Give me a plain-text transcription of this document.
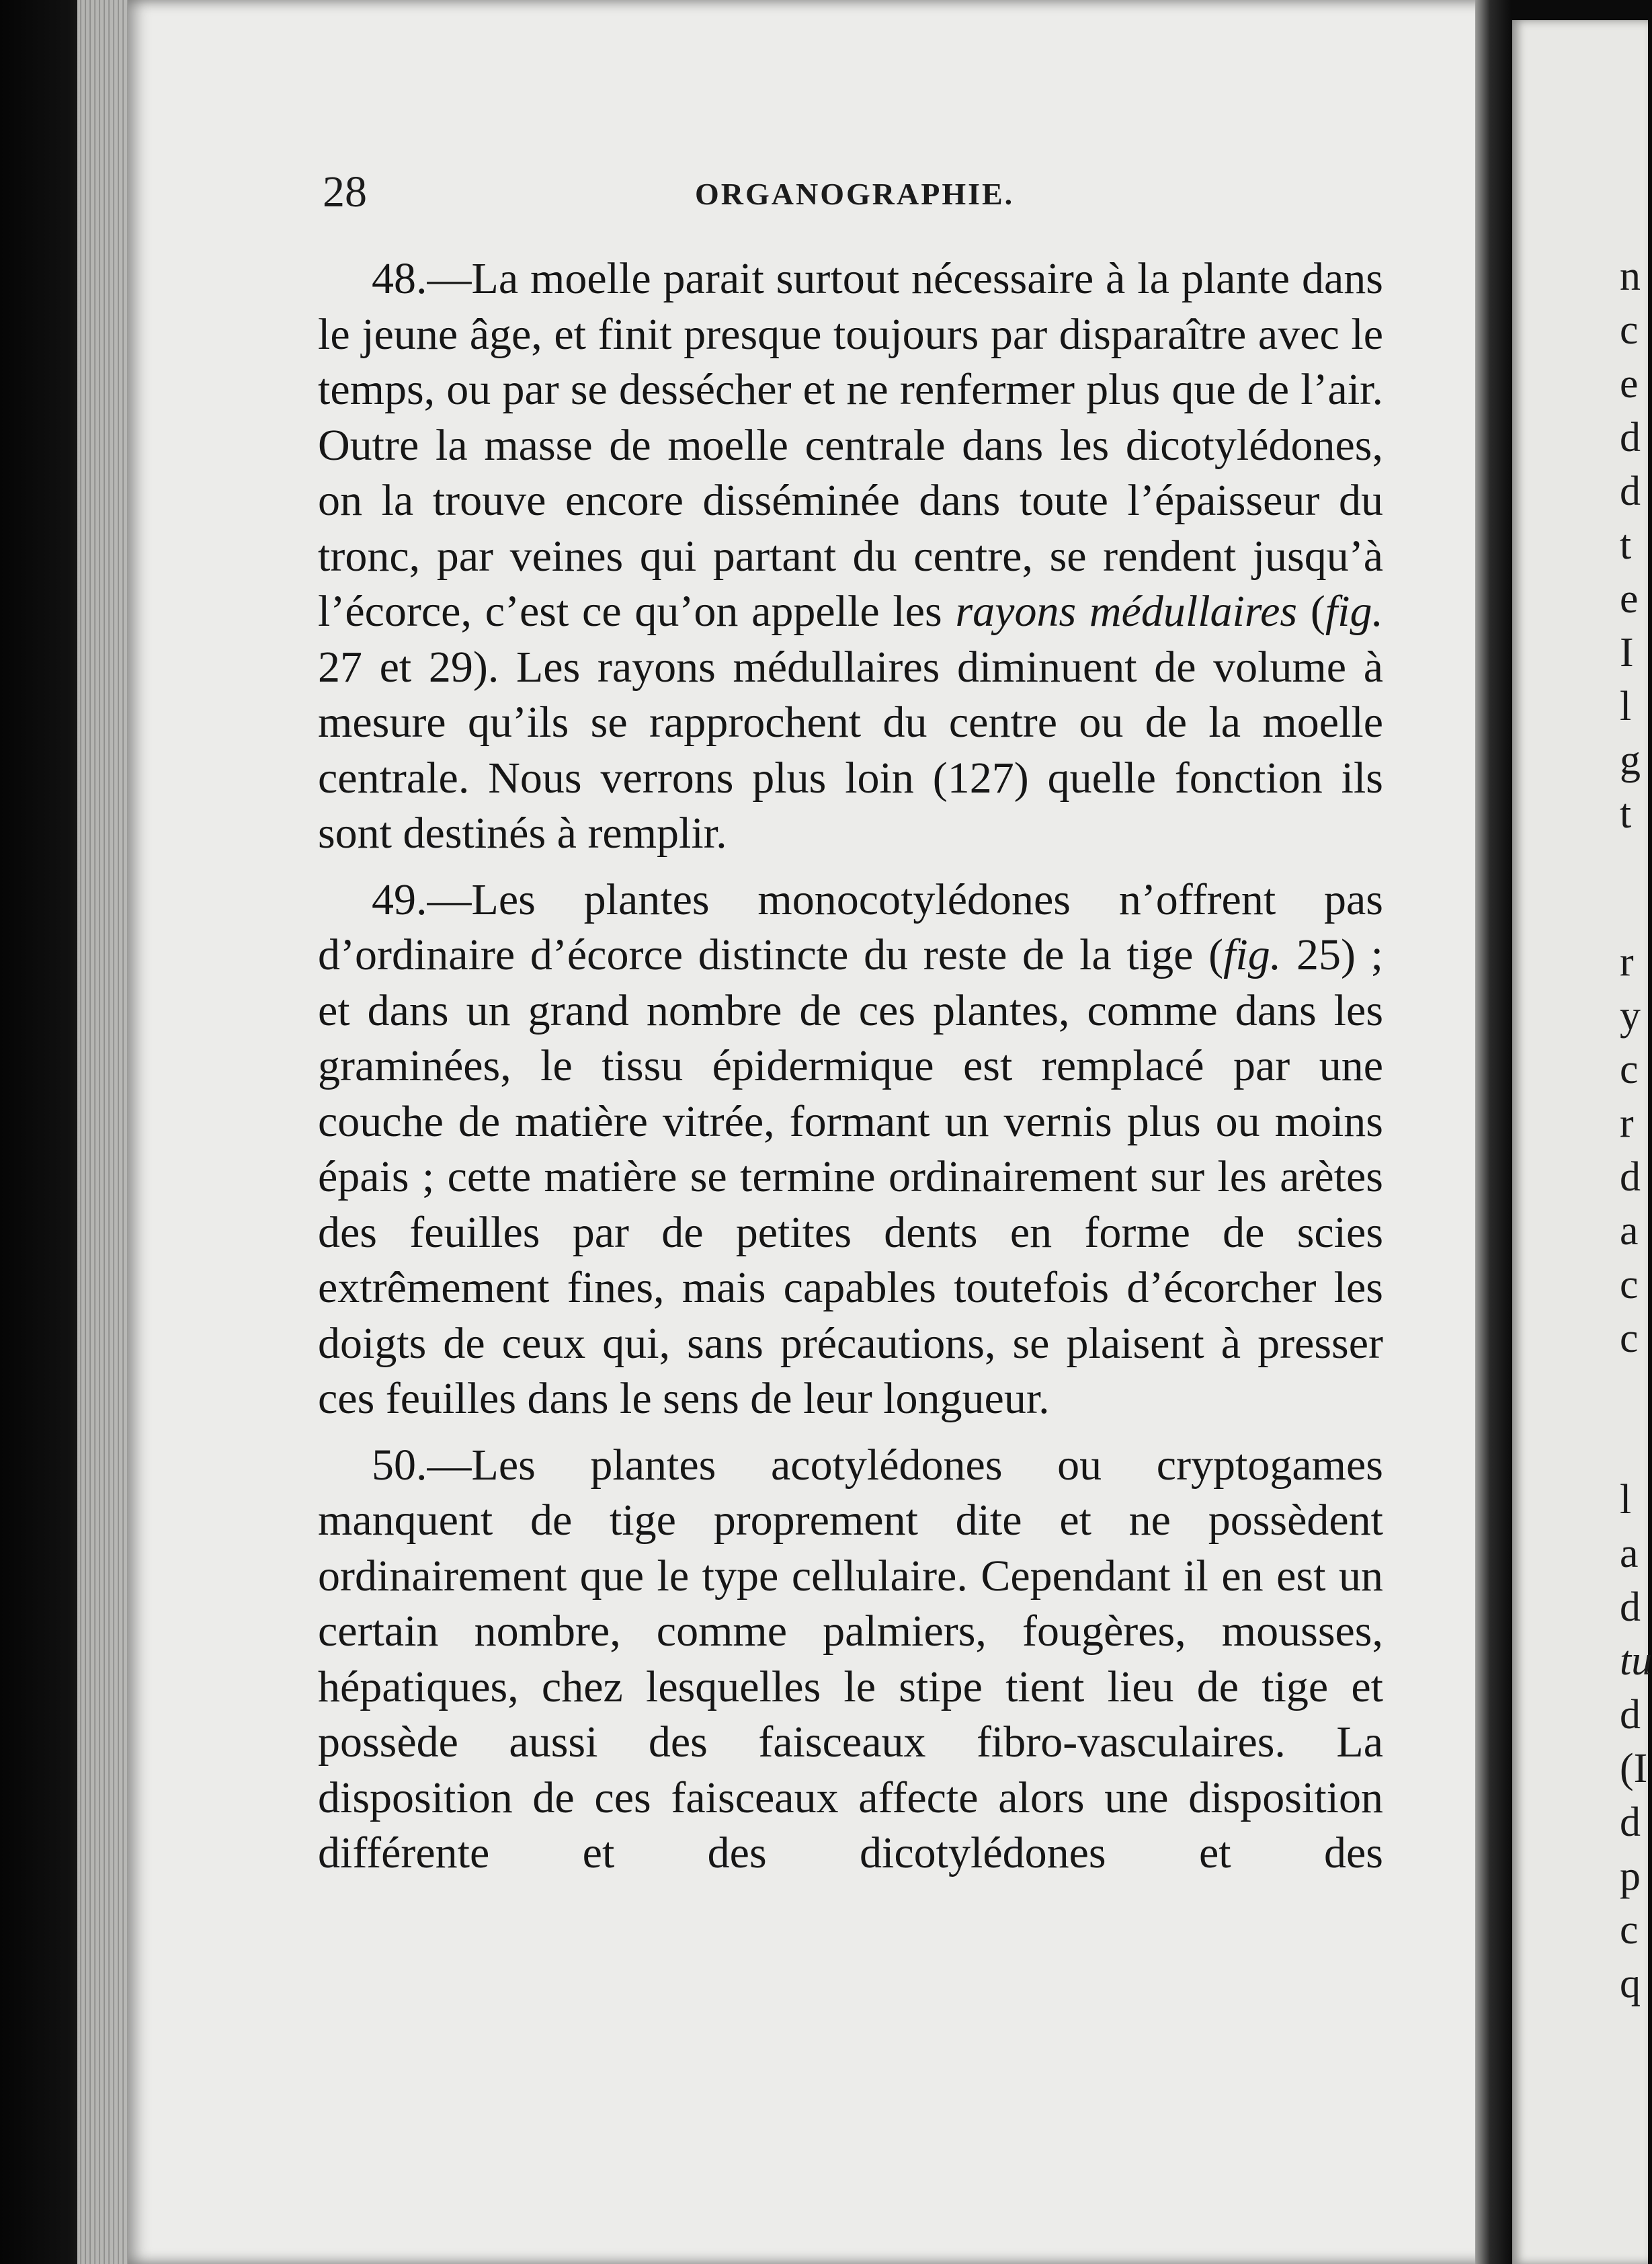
n
c
e
d
d
t
e
I
l
g
t
r
y
c
r
d
a
c
c
l
a
d
tu
d
(I
d
p
c
q
28	ORGANOGRAPHIE.

48.—La moelle parait surtout nécessaire à la plante dans le jeune âge, et finit presque toujours par disparaître avec le temps, ou par se dessécher et ne renfermer plus que de l’air. Outre la masse de moelle centrale dans les dicotylédones, on la trouve encore disséminée dans toute l’épaisseur du tronc, par veines qui partant du centre, se rendent jusqu’à l’écorce, c’est ce qu’on appelle les rayons médullaires (fig. 27 et 29). Les rayons médullaires diminuent de volume à mesure qu’ils se rapprochent du centre ou de la moelle centrale. Nous verrons plus loin (127) quelle fonction ils sont destinés à remplir.

49.—Les plantes monocotylédones n’offrent pas d’ordinaire d’écorce distincte du reste de la tige (fig. 25) ; et dans un grand nombre de ces plantes, comme dans les graminées, le tissu épidermique est remplacé par une couche de matière vitrée, formant un vernis plus ou moins épais ; cette matière se termine ordinairement sur les arètes des feuilles par de petites dents en forme de scies extrêmement fines, mais capables toutefois d’écorcher les doigts de ceux qui, sans précautions, se plaisent à presser ces feuilles dans le sens de leur longueur.

50.—Les plantes acotylédones ou cryptogames manquent de tige proprement dite et ne possèdent ordinairement que le type cellulaire. Cependant il en est un certain nombre, comme palmiers, fougères, mousses, hépatiques, chez lesquelles le stipe tient lieu de tige et possède aussi des faisceaux fibro-vasculaires. La disposition de ces faisceaux affecte alors une disposition différente et des dicotylédones et des
